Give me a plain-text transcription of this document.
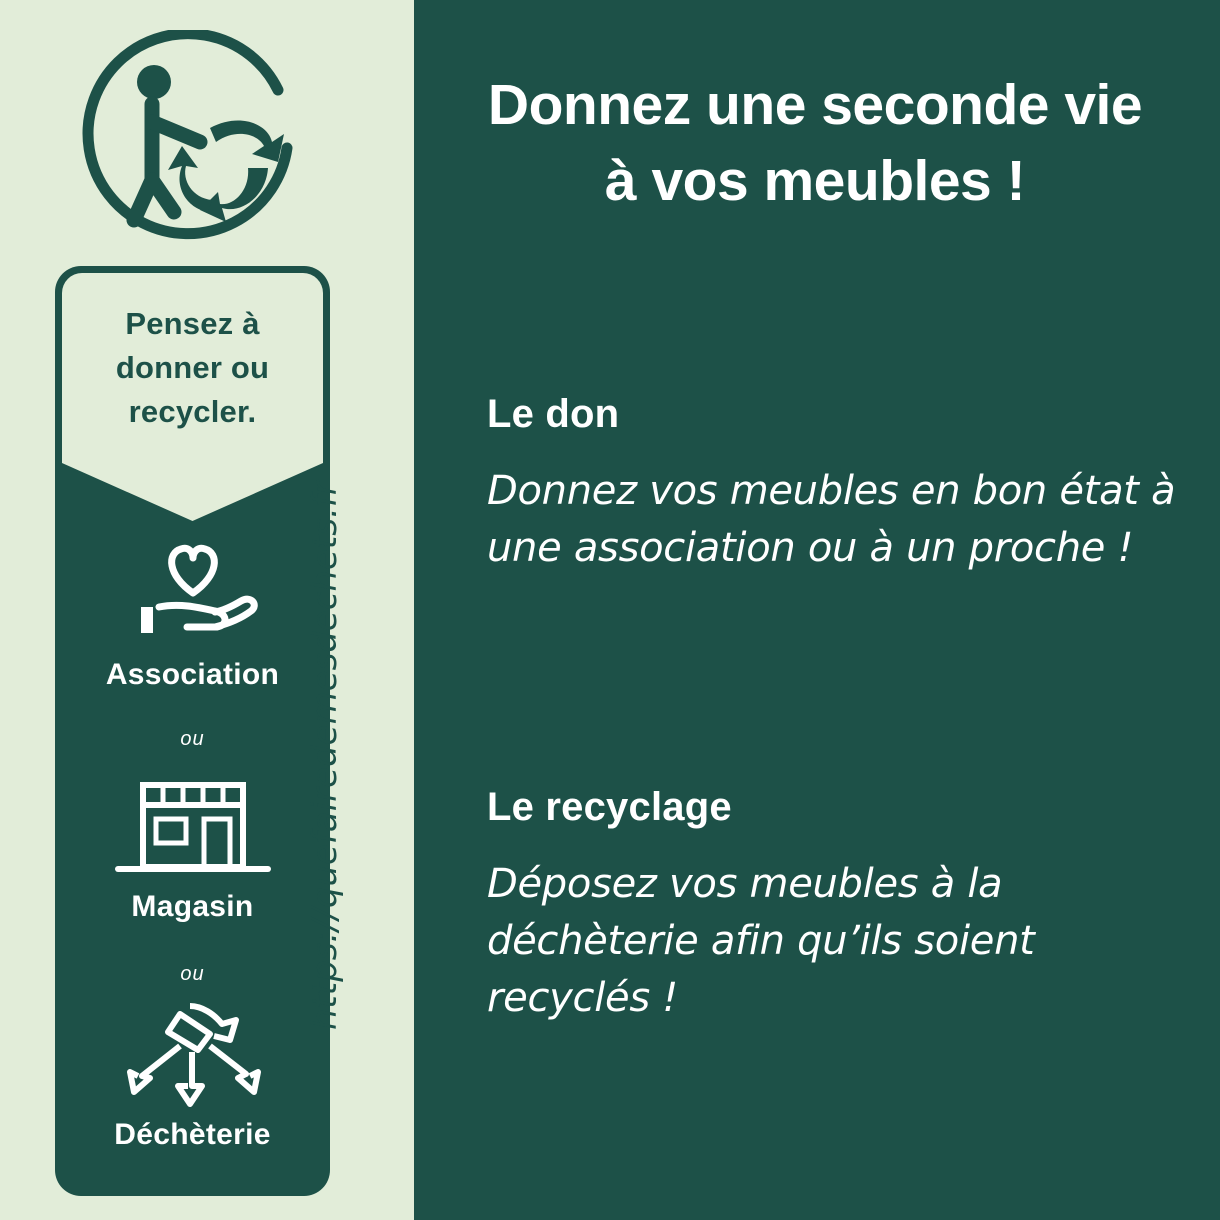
Pensez à
donner ou
recycler.
Association
ou
Magasin
ou
Déchèterie
https://quefairedemesdechets.fr
Donnez une seconde vie
à vos meubles !
Le don
Donnez vos meubles en bon état à une association ou à un proche !
Le recyclage
Déposez vos meubles à la déchèterie afin qu’ils soient recyclés !
